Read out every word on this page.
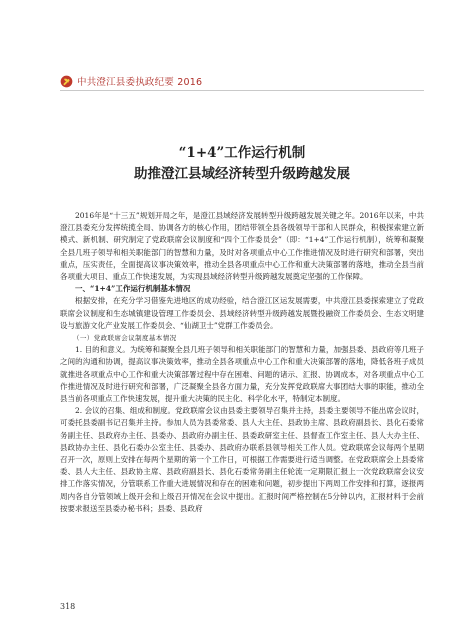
中共澄江县委执政纪要 2016
“1+4”工作运行机制
助推澄江县域经济转型升级跨越发展

2016年是“十三五”规划开局之年，是澄江县域经济发展转型升级跨越发展关键之年。2016年以来，中共澄江县委充分发挥统揽全局、协调各方的核心作用，团结带领全县各级领导干部和人民群众，积极探索建立新模式、新机制、研究制定了党政联席会议制度和“四个工作委员会”（即：“1+4”工作运行机制），统筹和凝聚全县几班子领导和相关职能部门的智慧和力量，及时对各项重点中心工作推进情况及时进行研究和部署，突出重点，压实责任，全面提高议事决策效率，推动全县各项重点中心工作和重大决策部署的落地，推动全县当前各项重大项目、重点工作快速发展，为实现县域经济转型升级跨越发展奠定坚强的工作保障。

一、“1+4”工作运行机制基本情况

根据安排，在充分学习借鉴先进地区的成功经验，结合澄江区运发展需要，中共澄江县委探索建立了党政联席会议制度和生态城镇建设管理工作委员会、县域经济转型升级跨越发展暨投融资工作委员会、生态文明建设与旅游文化产业发展工作委员会、“仙湖卫士”党群工作委员会。

（一）党政联席会议制度基本情况

1. 目的和意义。为统筹和凝聚全县几班子领导和相关职能部门的智慧和力量，加强县委、县政府等几班子之间的沟通和协调，提高议事决策效率，推动全县各项重点中心工作和重大决策部署的落地，降低各班子成员就推进各项重点中心工作和重大决策部署过程中存在困难、问题的诸示、汇报、协调成本，对各项重点中心工作推进情况及时进行研究和部署，广泛凝聚全县各方面力量，充分发挥党政联席大事团结大事的职能，推动全县当前各项重点工作快速发展，提升重大决策的民主化、科学化水平，特制定本制度。

2. 会议的召集、组成和制度。党政联席会议由县委主要领导召集并主持，县委主要领导不能出席会议时，可委托县委副书记召集并主持。参加人员为县委常委、县人大主任、县政协主席、县政府副县长、县化石委常务副主任、县政府办主任、县委办、县政府办副主任、县委政研室主任、县督查工作室主任、县人大办主任、县政协办主任、县化石委办公室主任、县委办、县政府办联系县领导相关工作人员。党政联席会议每两个星期召开一次，原则上安排在每两个星期的第一个工作日，可根据工作需要进行适当调整。在党政联席会上县委常委、县人大主任、县政协主席、县政府副县长、县化石委常务副主任轮流一定期限汇报上一次党政联席会议安排工作落实情况，分管联系工作重大进展情况和存在的困难和问题，初步提出下两周工作安排和打算，逐报两周内各自分管领域上级开会和上级召开情况在会议中提出。汇报时间严格控制在5分钟以内，汇报材料于会前按要求报送至县委办秘书科；县委、县政府

318
